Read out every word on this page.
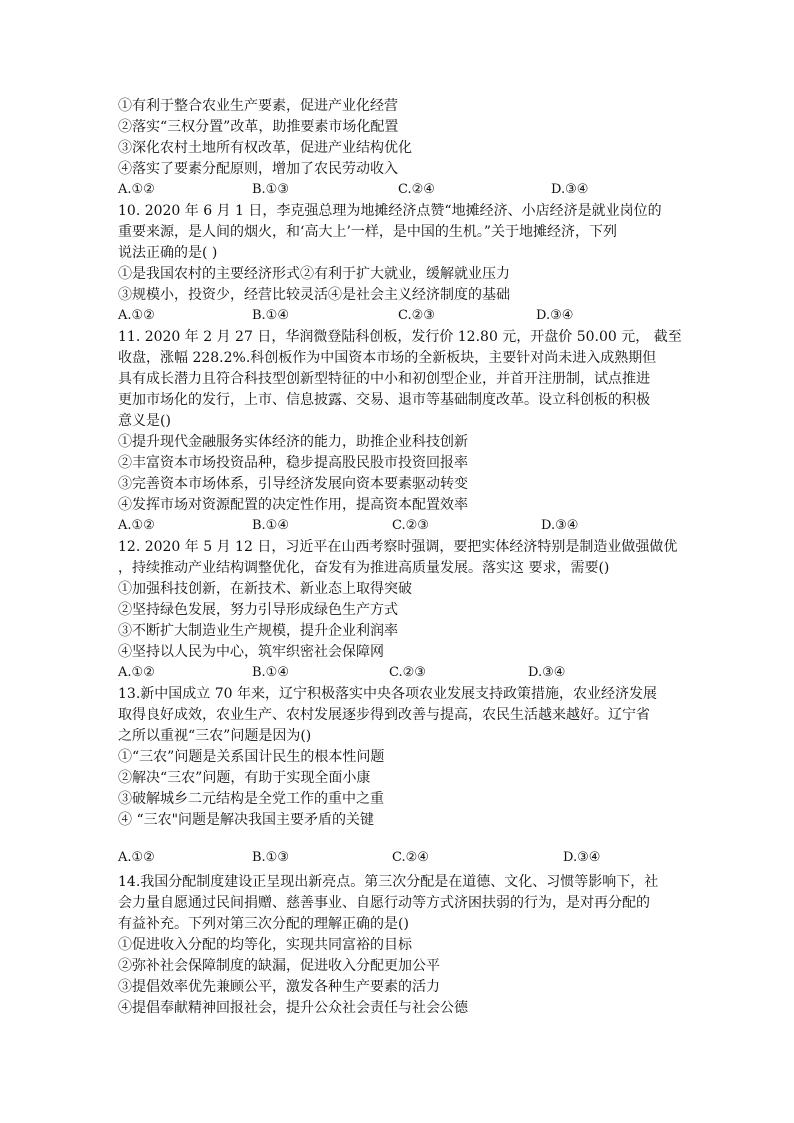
①有利于整合农业生产要素，促进产业化经营
②落实“三权分置”改革，助推要素市场化配置
③深化农村土地所有权改革，促进产业结构优化
④落实了要素分配原则，增加了农民劳动收入
A.①②	B.①③	C.②④	D.③④
10. 2020 年 6 月 1 日，李克强总理为地摊经济点赞“地摊经济、小店经济是就业岗位的
重要来源，是人间的烟火，和‘高大上’一样，是中国的生机。”关于地摊经济，下列
说法正确的是( )
①是我国农村的主要经济形式②有利于扩大就业，缓解就业压力
③规模小，投资少，经营比较灵活④是社会主义经济制度的基础
A.①②	B.①④	C.②③	D.③④
11. 2020 年 2 月 27 日，华润微登陆科创板，发行价 12.80 元，开盘价 50.00 元， 截至
收盘，涨幅 228.2%.科创板作为中国资本市场的全新板块，主要针对尚未进入成熟期但
具有成长潜力且符合科技型创新型特征的中小和初创型企业，并首开注册制，试点推进
更加市场化的发行，上市、信息披露、交易、退市等基础制度改革。设立科创板的积极
意义是()
①提升现代金融服务实体经济的能力，助推企业科技创新
②丰富资本市场投资品种，稳步提高股民股市投资回报率
③完善资本市场体系，引导经济发展向资本要素驱动转变
④发挥市场对资源配置的决定性作用，提高资本配置效率
A.①②	B.①④	C.②③	D.③④
12. 2020 年 5 月 12 日，习近平在山西考察时强调，要把实体经济特别是制造业做强做优
，持续推动产业结构调整优化，奋发有为推进高质量发展。落实这 要求，需要()
①加强科技创新，在新技术、新业态上取得突破
②坚持绿色发展，努力引导形成绿色生产方式
③不断扩大制造业生产规模，提升企业利润率
④坚持以人民为中心，筑牢织密社会保障网
A.①②	B.①④	C.②③	D.③④
13.新中国成立 70 年来，辽宁积极落实中央各项农业发展支持政策措施，农业经济发展
取得良好成效，农业生产、农村发展逐步得到改善与提高，农民生活越来越好。辽宁省
之所以重视“三农”问题是因为()
①“三农”问题是关系国计民生的根本性问题
②解决“三农”问题，有助于实现全面小康
③破解城乡二元结构是全党工作的重中之重
④ “三农"问题是解决我国主要矛盾的关键
A.①②	B.①③	C.②④	D.③④
14.我国分配制度建设正呈现出新亮点。第三次分配是在道德、文化、习惯等影响下，社
会力量自愿通过民间捐赠、慈善事业、自愿行动等方式济困扶弱的行为，是对再分配的
有益补充。下列对第三次分配的理解正确的是()
①促进收入分配的均等化，实现共同富裕的目标
②弥补社会保障制度的缺漏，促进收入分配更加公平
③提倡效率优先兼顾公平，激发各种生产要素的活力
④提倡奉献精神回报社会，提升公众社会责任与社会公德
